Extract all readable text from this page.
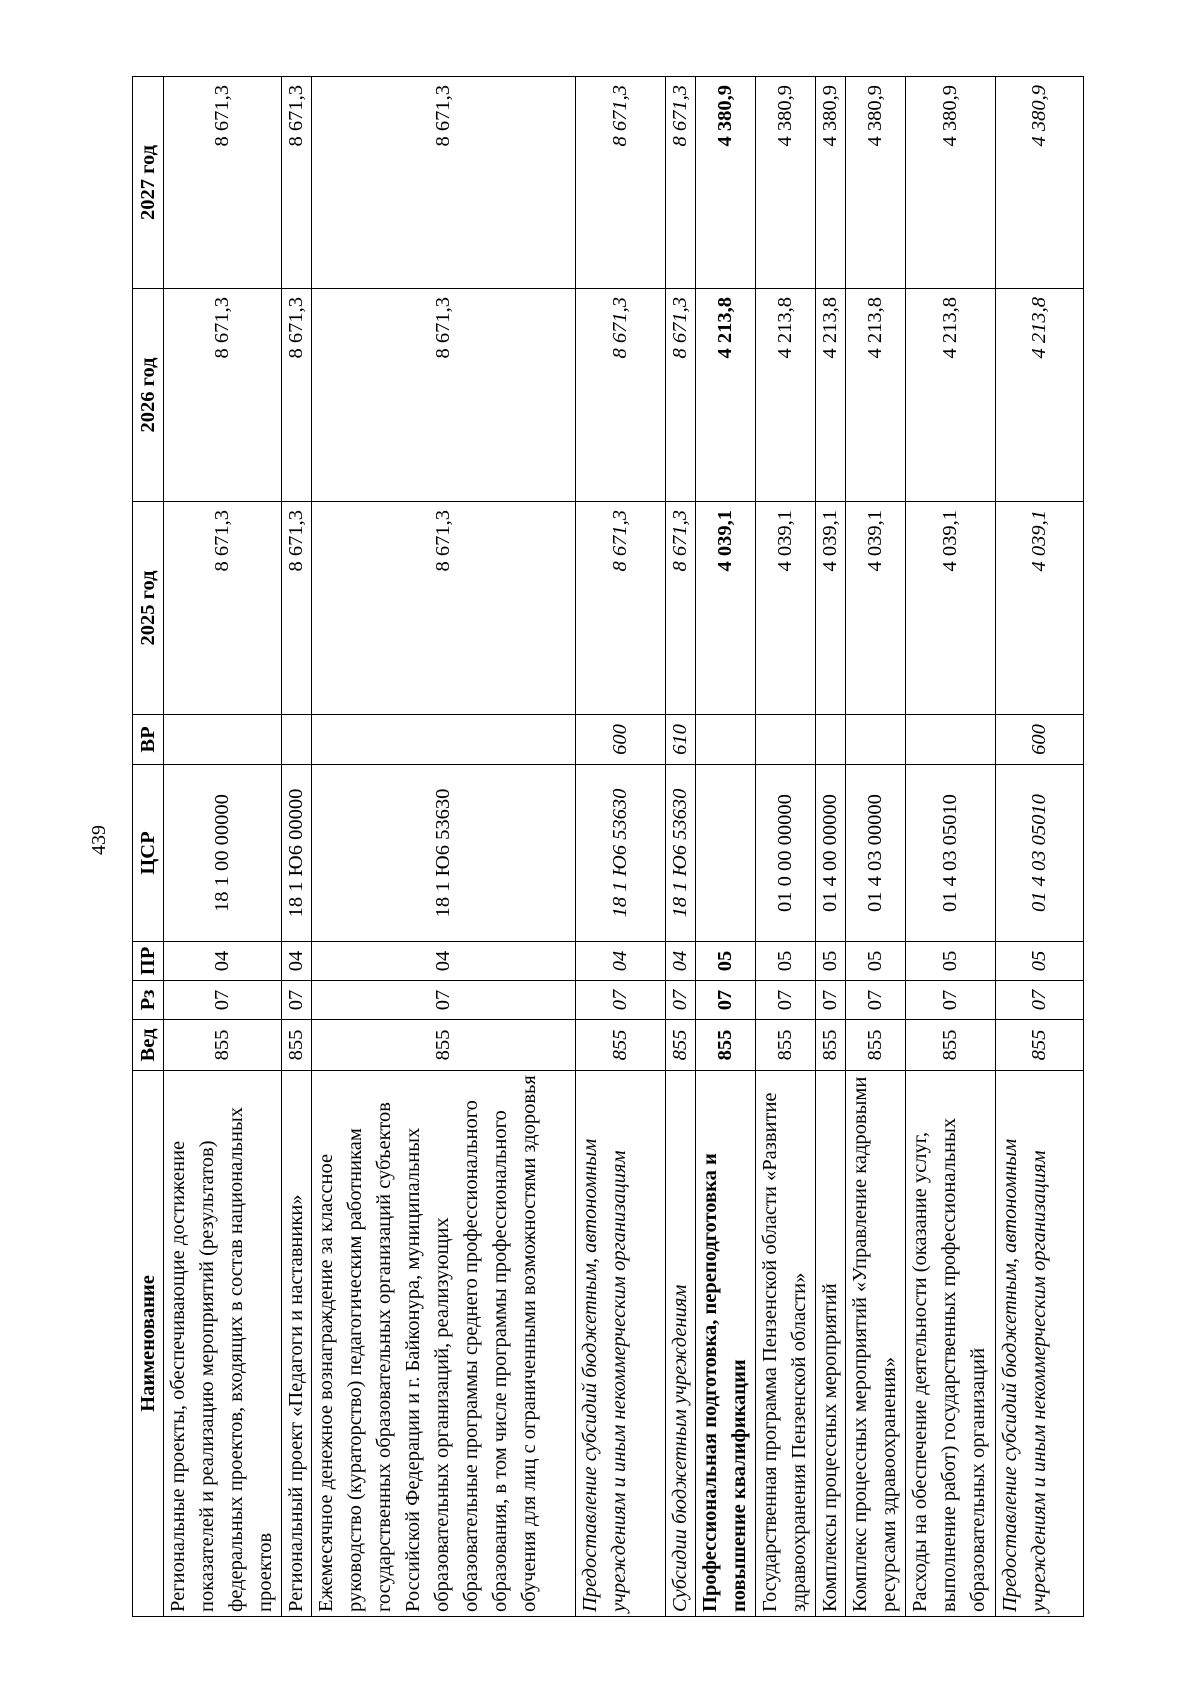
439
Наименование	Вед	Рз	ПР	ЦСР	ВР	2025 год	2026 год	2027 год
Региональные проекты, обеспечивающие достижение показателей и реализацию мероприятий (результатов) федеральных проектов, входящих в состав национальных проектов	855	07	04	18 1 00 00000		8 671,3	8 671,3	8 671,3
Региональный проект «Педагоги и наставники»	855	07	04	18 1 Ю6 00000		8 671,3	8 671,3	8 671,3
Ежемесячное денежное вознаграждение за классное руководство (кураторство) педагогическим работникам государственных образовательных организаций субъектов Российской Федерации и г. Байконура, муниципальных образовательных организаций, реализующих образовательные программы среднего профессионального образования, в том числе программы профессионального обучения для лиц с ограниченными возможностями здоровья	855	07	04	18 1 Ю6 53630		8 671,3	8 671,3	8 671,3
Предоставление субсидий бюджетным, автономным учреждениям и иным некоммерческим организациям	855	07	04	18 1 Ю6 53630	600	8 671,3	8 671,3	8 671,3
Субсидии бюджетным учреждениям	855	07	04	18 1 Ю6 53630	610	8 671,3	8 671,3	8 671,3
Профессиональная подготовка, переподготовка и повышение квалификации	855	07	05			4 039,1	4 213,8	4 380,9
Государственная программа Пензенской области «Развитие здравоохранения Пензенской области»	855	07	05	01 0 00 00000		4 039,1	4 213,8	4 380,9
Комплексы процессных мероприятий	855	07	05	01 4 00 00000		4 039,1	4 213,8	4 380,9
Комплекс процессных мероприятий «Управление кадровыми ресурсами здравоохранения»	855	07	05	01 4 03 00000		4 039,1	4 213,8	4 380,9
Расходы на обеспечение деятельности (оказание услуг, выполнение работ) государственных профессиональных образовательных организаций	855	07	05	01 4 03 05010		4 039,1	4 213,8	4 380,9
Предоставление субсидий бюджетным, автономным учреждениям и иным некоммерческим организациям	855	07	05	01 4 03 05010	600	4 039,1	4 213,8	4 380,9
